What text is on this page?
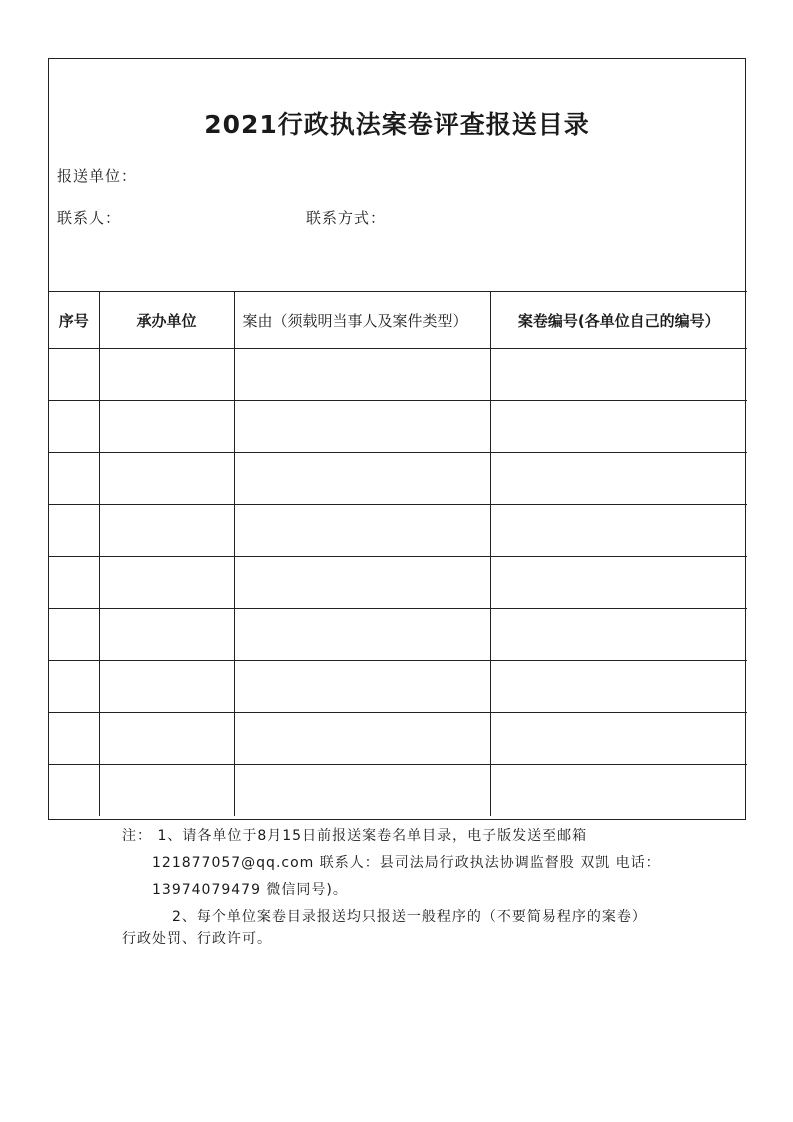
2021行政执法案卷评查报送目录

报送单位：

联系人：	联系方式：

序号	承办单位	案由（须载明当事人及案件类型）	案卷编号(各单位自己的编号）

注： 1、请各单位于8月15日前报送案卷名单目录，电子版发送至邮箱

121877057@qq.com 联系人：县司法局行政执法协调监督股 双凯 电话：

13974079479 微信同号)。

2、每个单位案卷目录报送均只报送一般程序的（不要简易程序的案卷）

行政处罚、行政许可。
